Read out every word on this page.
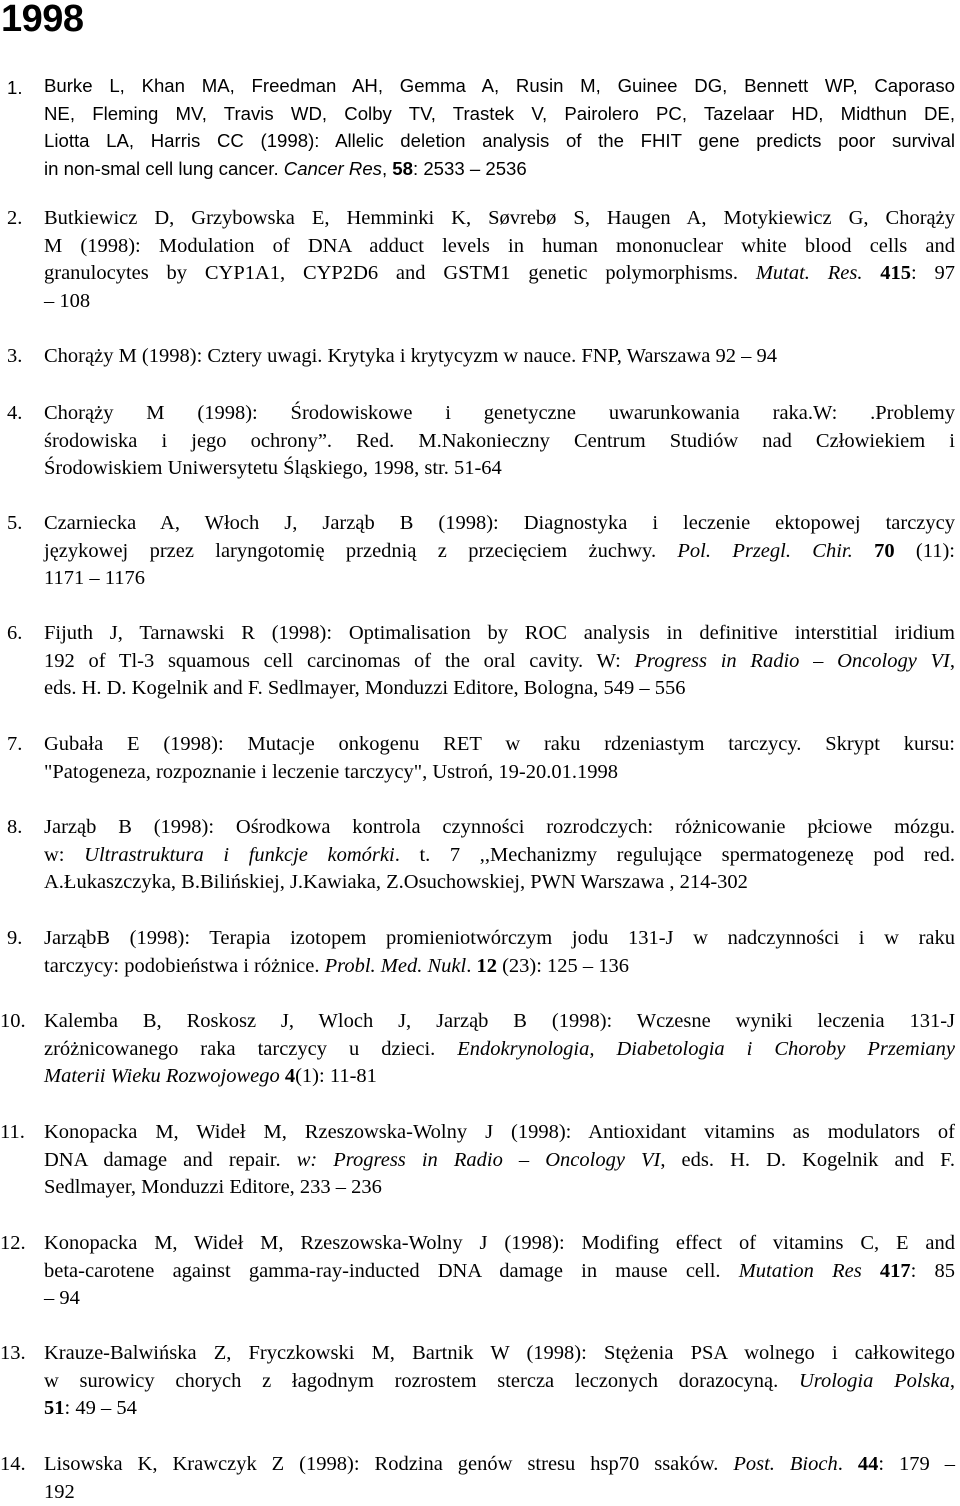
1998
1. Burke L, Khan MA, Freedman AH, Gemma A, Rusin M, Guinee DG, Bennett WP, Caporaso
NE, Fleming MV, Travis WD, Colby TV, Trastek V, Pairolero PC, Tazelaar HD, Midthun DE,
Liotta LA, Harris CC (1998): Allelic deletion analysis of the FHIT gene predicts poor survival
in non-smal cell lung cancer. Cancer Res, 58: 2533 – 2536
2. Butkiewicz D, Grzybowska E, Hemminki K, Søvrebø S, Haugen A, Motykiewicz G, Chorąży
M (1998): Modulation of DNA adduct levels in human mononuclear white blood cells and
granulocytes by CYP1A1, CYP2D6 and GSTM1 genetic polymorphisms. Mutat. Res. 415: 97
– 108
3. Chorąży M (1998): Cztery uwagi. Krytyka i krytycyzm w nauce. FNP, Warszawa 92 – 94
4. Chorąży M (1998): Środowiskowe i genetyczne uwarunkowania raka.W: .Problemy
środowiska i jego ochrony”. Red. M.Nakonieczny Centrum Studiów nad Człowiekiem i
Środowiskiem Uniwersytetu Śląskiego, 1998, str. 51-64
5. Czarniecka A, Włoch J, Jarząb B (1998): Diagnostyka i leczenie ektopowej tarczycy
językowej przez laryngotomię przednią z przecięciem żuchwy. Pol. Przegl. Chir. 70 (11):
1171 – 1176
6. Fijuth J, Tarnawski R (1998): Optimalisation by ROC analysis in definitive interstitial iridium
192 of Tl-3 squamous cell carcinomas of the oral cavity. W: Progress in Radio – Oncology VI,
eds. H. D. Kogelnik and F. Sedlmayer, Monduzzi Editore, Bologna, 549 – 556
7. Gubała E (1998): Mutacje onkogenu RET w raku rdzeniastym tarczycy. Skrypt kursu:
"Patogeneza, rozpoznanie i leczenie tarczycy", Ustroń, 19-20.01.1998
8. Jarząb B (1998): Ośrodkowa kontrola czynności rozrodczych: różnicowanie płciowe mózgu.
w: Ultrastruktura i funkcje komórki. t. 7 ,,Mechanizmy regulujące spermatogenezę pod red.
A.Łukaszczyka, B.Bilińskiej, J.Kawiaka, Z.Osuchowskiej, PWN Warszawa , 214-302
9. JarząbB (1998): Terapia izotopem promieniotwórczym jodu 131-J w nadczynności i w raku
tarczycy: podobieństwa i różnice. Probl. Med. Nukl. 12 (23): 125 – 136
10. Kalemba B, Roskosz J, Wloch J, Jarząb B (1998): Wczesne wyniki leczenia 131-J
zróżnicowanego raka tarczycy u dzieci. Endokrynologia, Diabetologia i Choroby Przemiany
Materii Wieku Rozwojowego 4(1): 11-81
11. Konopacka M, Wideł M, Rzeszowska-Wolny J (1998): Antioxidant vitamins as modulators of
DNA damage and repair. w: Progress in Radio – Oncology VI, eds. H. D. Kogelnik and F.
Sedlmayer, Monduzzi Editore, 233 – 236
12. Konopacka M, Wideł M, Rzeszowska-Wolny J (1998): Modifing effect of vitamins C, E and
beta-carotene against gamma-ray-inducted DNA damage in mause cell. Mutation Res 417: 85
– 94
13. Krauze-Balwińska Z, Fryczkowski M, Bartnik W (1998): Stężenia PSA wolnego i całkowitego
w surowicy chorych z łagodnym rozrostem stercza leczonych dorazocyną. Urologia Polska,
51: 49 – 54
14. Lisowska K, Krawczyk Z (1998): Rodzina genów stresu hsp70 ssaków. Post. Bioch. 44: 179 –
192
